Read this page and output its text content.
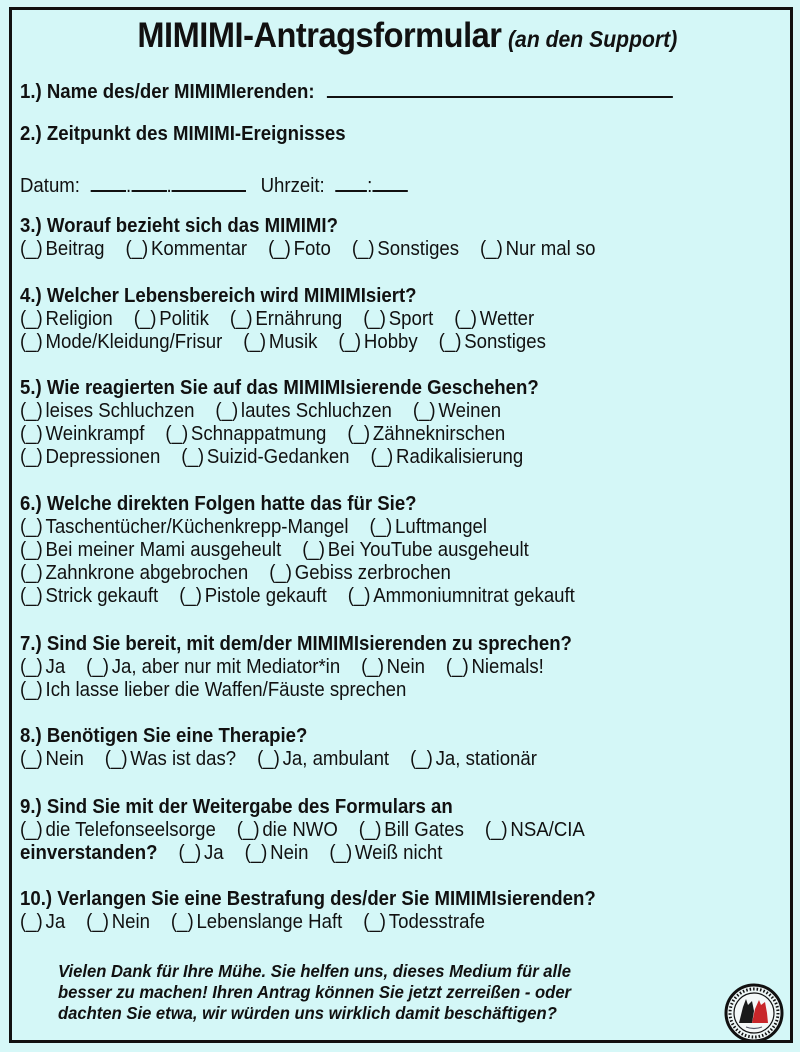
MIMIMI-Antragsformular (an den Support)
1.) Name des/der MIMIMIerenden:
2.) Zeitpunkt des MIMIMI-Ereignisses
Datum: . .	Uhrzeit: :
3.) Worauf bezieht sich das MIMIMI?
(_) Beitrag (_) Kommentar (_) Foto (_) Sonstiges (_) Nur mal so
4.) Welcher Lebensbereich wird MIMIMIsiert?
(_) Religion (_) Politik (_) Ernährung (_) Sport (_) Wetter
(_) Mode/Kleidung/Frisur (_) Musik (_) Hobby (_) Sonstiges
5.) Wie reagierten Sie auf das MIMIMIsierende Geschehen?
(_) leises Schluchzen (_) lautes Schluchzen (_) Weinen
(_) Weinkrampf (_) Schnappatmung (_) Zähneknirschen
(_) Depressionen (_) Suizid-Gedanken (_) Radikalisierung
6.) Welche direkten Folgen hatte das für Sie?
(_) Taschentücher/Küchenkrepp-Mangel (_) Luftmangel
(_) Bei meiner Mami ausgeheult (_) Bei YouTube ausgeheult
(_) Zahnkrone abgebrochen (_) Gebiss zerbrochen
(_) Strick gekauft (_) Pistole gekauft (_) Ammoniumnitrat gekauft
7.) Sind Sie bereit, mit dem/der MIMIMIsierenden zu sprechen?
(_) Ja (_) Ja, aber nur mit Mediator*in (_) Nein (_) Niemals!
(_) Ich lasse lieber die Waffen/Fäuste sprechen
8.) Benötigen Sie eine Therapie?
(_) Nein (_) Was ist das? (_) Ja, ambulant (_) Ja, stationär
9.) Sind Sie mit der Weitergabe des Formulars an
(_) die Telefonseelsorge (_) die NWO (_) Bill Gates (_) NSA/CIA
einverstanden? (_) Ja (_) Nein (_) Weiß nicht
10.) Verlangen Sie eine Bestrafung des/der Sie MIMIMIsierenden?
(_) Ja (_) Nein (_) Lebenslange Haft (_) Todesstrafe
Vielen Dank für Ihre Mühe. Sie helfen uns, dieses Medium für alle
besser zu machen! Ihren Antrag können Sie jetzt zerreißen - oder
dachten Sie etwa, wir würden uns wirklich damit beschäftigen?
